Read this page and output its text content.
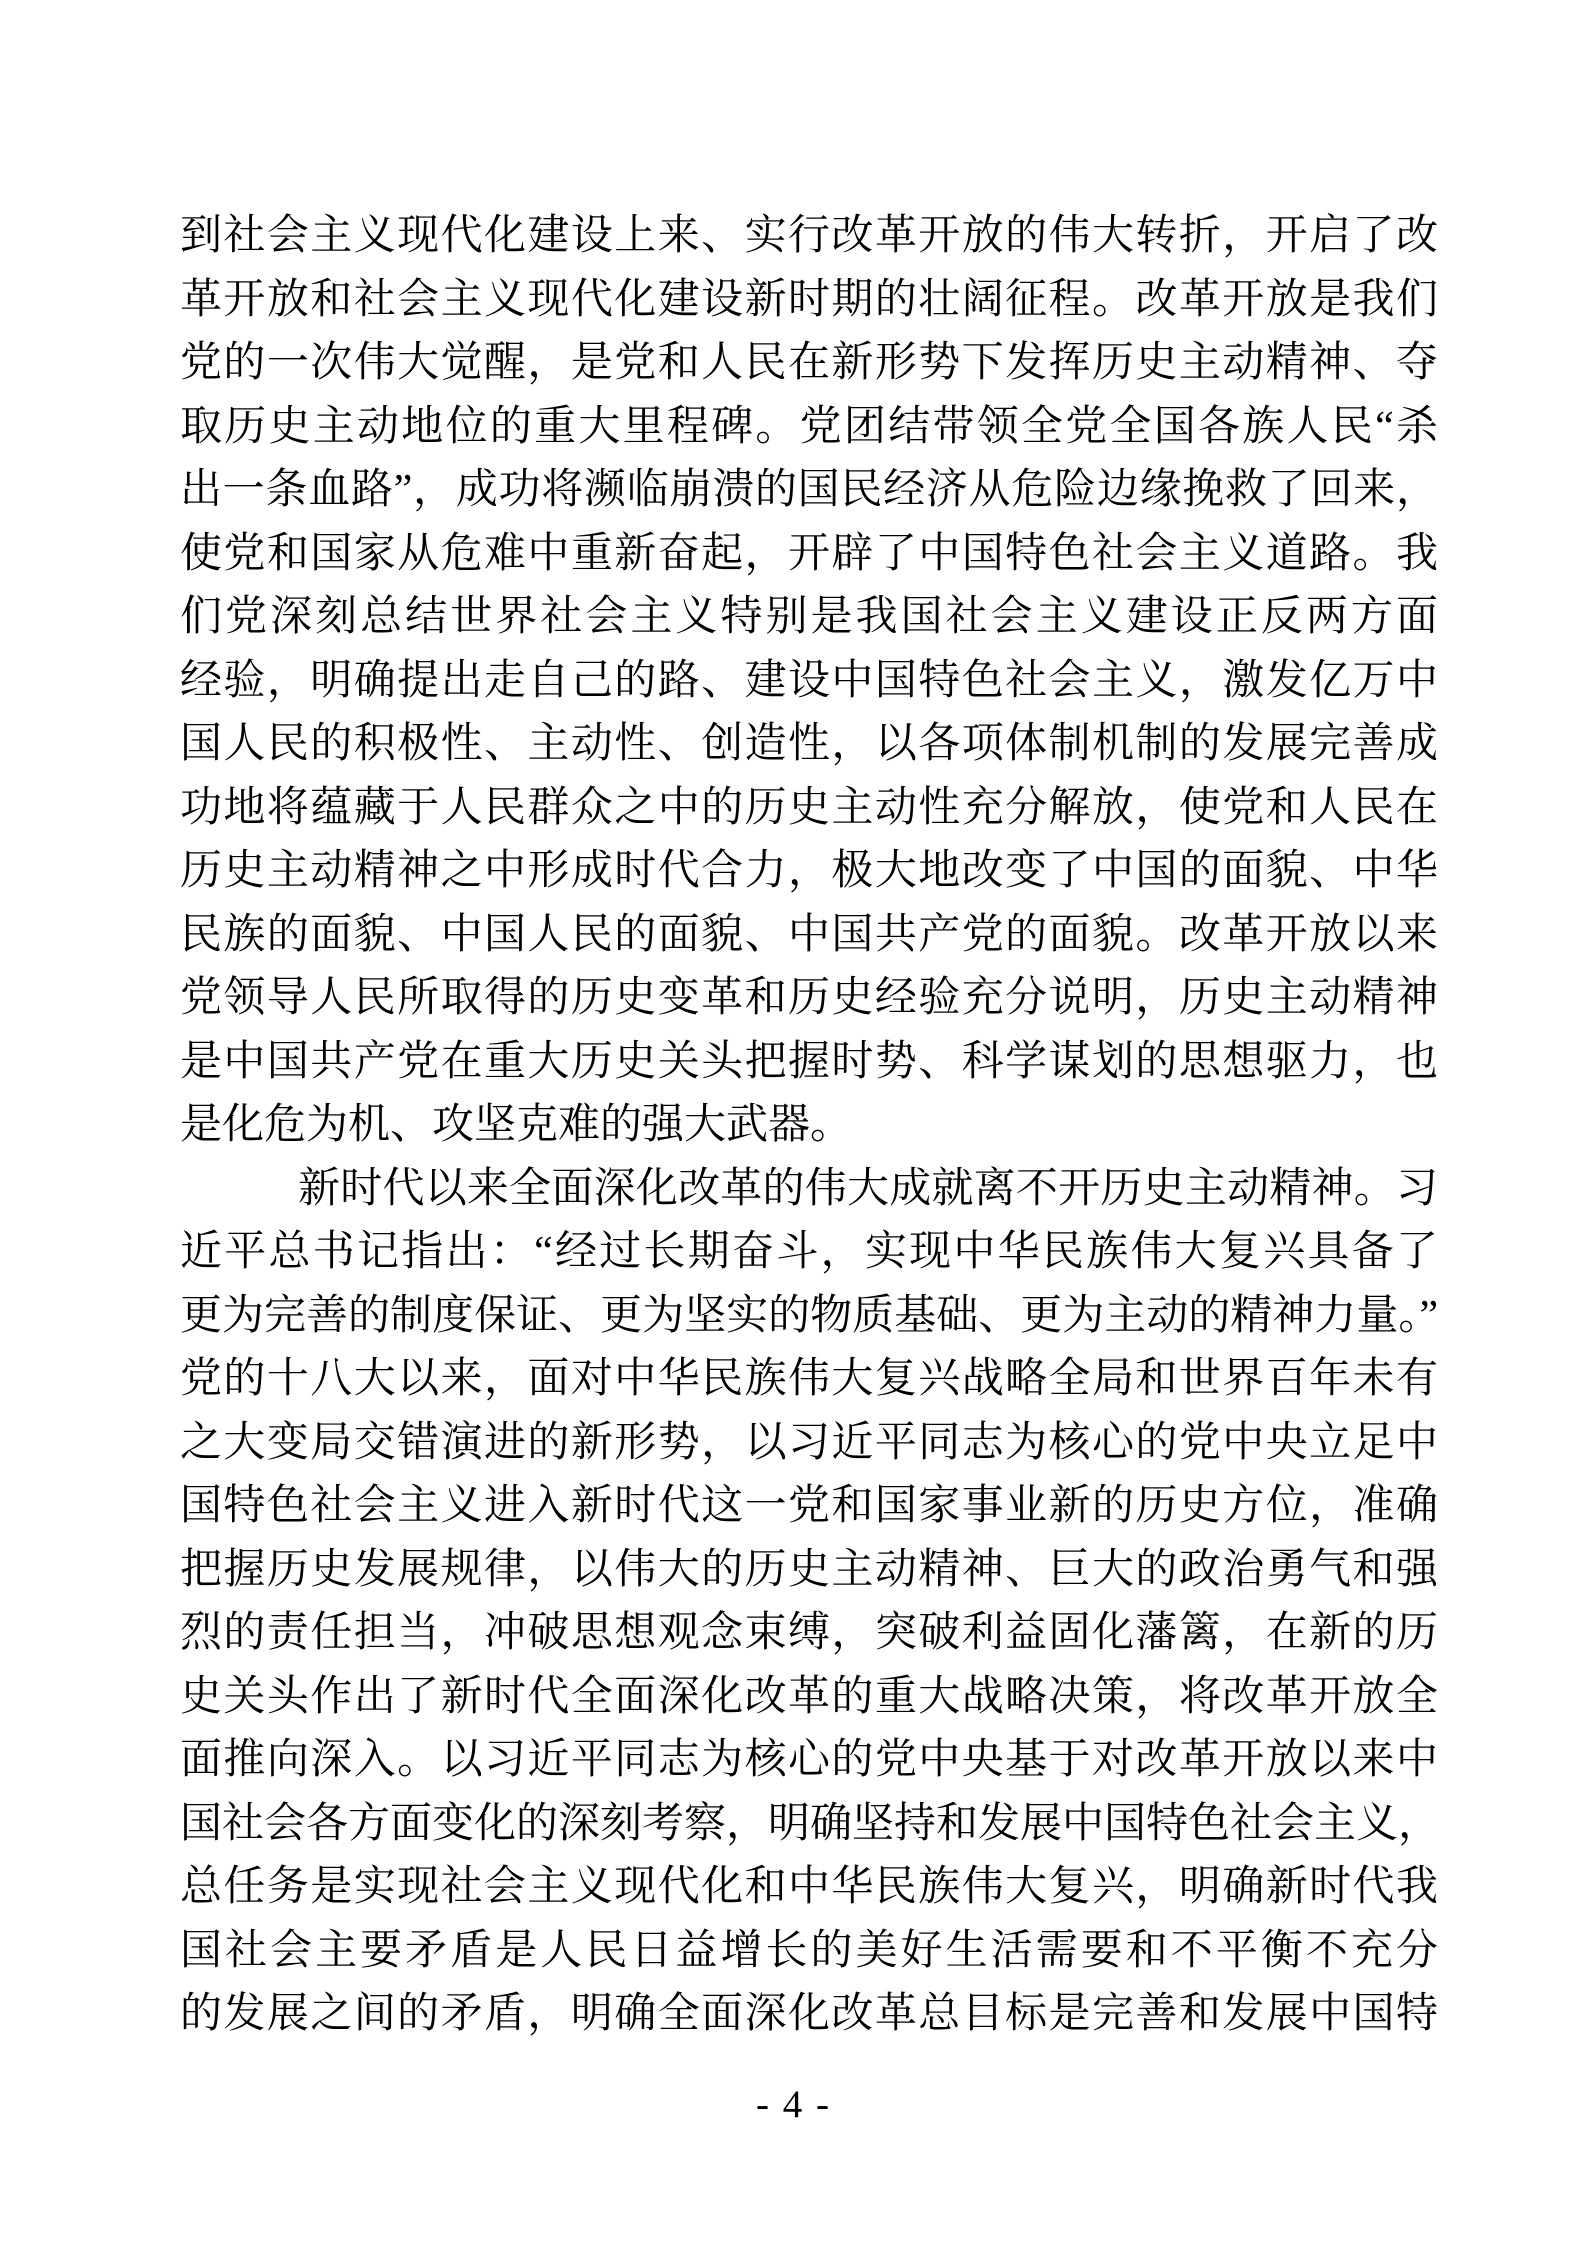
到社会主义现代化建设上来、实行改革开放的伟大转折，开启了改
革开放和社会主义现代化建设新时期的壮阔征程。改革开放是我们
党的一次伟大觉醒，是党和人民在新形势下发挥历史主动精神、夺
取历史主动地位的重大里程碑。党团结带领全党全国各族人民“杀
出一条血路”，成功将濒临崩溃的国民经济从危险边缘挽救了回来，
使党和国家从危难中重新奋起，开辟了中国特色社会主义道路。我
们党深刻总结世界社会主义特别是我国社会主义建设正反两方面
经验，明确提出走自己的路、建设中国特色社会主义，激发亿万中
国人民的积极性、主动性、创造性，以各项体制机制的发展完善成
功地将蕴藏于人民群众之中的历史主动性充分解放，使党和人民在
历史主动精神之中形成时代合力，极大地改变了中国的面貌、中华
民族的面貌、中国人民的面貌、中国共产党的面貌。改革开放以来
党领导人民所取得的历史变革和历史经验充分说明，历史主动精神
是中国共产党在重大历史关头把握时势、科学谋划的思想驱力，也
是化危为机、攻坚克难的强大武器。
新时代以来全面深化改革的伟大成就离不开历史主动精神。习
近平总书记指出：“经过长期奋斗，实现中华民族伟大复兴具备了
更为完善的制度保证、更为坚实的物质基础、更为主动的精神力量。”
党的十八大以来，面对中华民族伟大复兴战略全局和世界百年未有
之大变局交错演进的新形势，以习近平同志为核心的党中央立足中
国特色社会主义进入新时代这一党和国家事业新的历史方位，准确
把握历史发展规律，以伟大的历史主动精神、巨大的政治勇气和强
烈的责任担当，冲破思想观念束缚，突破利益固化藩篱，在新的历
史关头作出了新时代全面深化改革的重大战略决策，将改革开放全
面推向深入。以习近平同志为核心的党中央基于对改革开放以来中
国社会各方面变化的深刻考察，明确坚持和发展中国特色社会主义，
总任务是实现社会主义现代化和中华民族伟大复兴，明确新时代我
国社会主要矛盾是人民日益增长的美好生活需要和不平衡不充分
的发展之间的矛盾，明确全面深化改革总目标是完善和发展中国特
- 4 -
